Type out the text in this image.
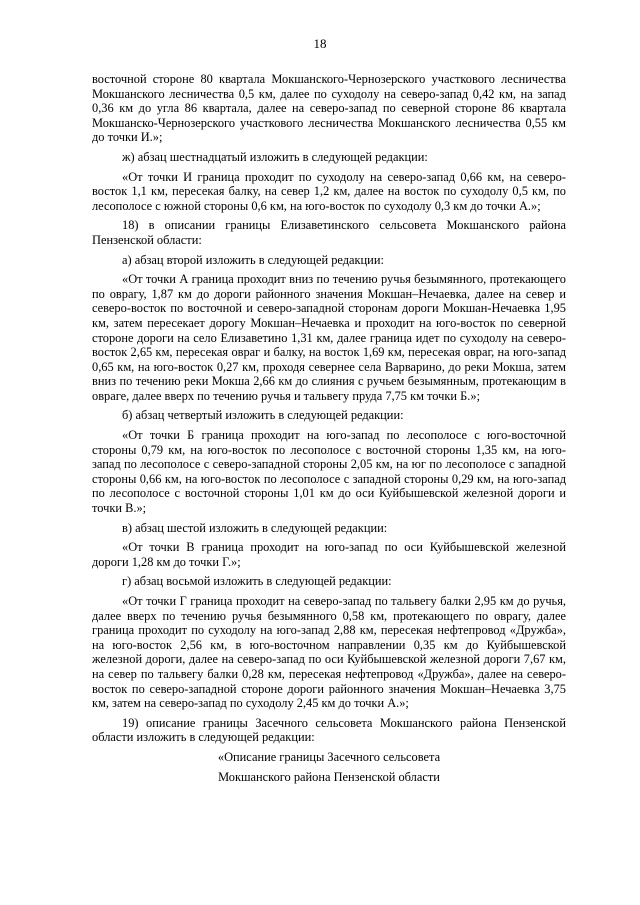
18

восточной стороне 80 квартала Мокшанского-Чернозерского участкового лесничества Мокшанского лесничества 0,5 км, далее по суходолу на северо-запад 0,42 км, на запад 0,36 км до угла 86 квартала, далее на северо-запад по северной стороне 86 квартала Мокшанско-Чернозерского участкового лесничества Мокшанского лесничества 0,55 км до точки И.»;

ж) абзац шестнадцатый изложить в следующей редакции:

«От точки И граница проходит по суходолу на северо-запад 0,66 км, на северо-восток 1,1 км, пересекая балку, на север 1,2 км, далее на восток по суходолу 0,5 км, по лесополосе с южной стороны 0,6 км, на юго-восток по суходолу 0,3 км до точки А.»;

18) в описании границы Елизаветинского сельсовета Мокшанского района Пензенской области:

а) абзац второй изложить в следующей редакции:

«От точки А граница проходит вниз по течению ручья безымянного, протекающего по оврагу, 1,87 км до дороги районного значения Мокшан–Нечаевка, далее на север и северо-восток по восточной и северо-западной сторонам дороги Мокшан-Нечаевка 1,95 км, затем пересекает дорогу Мокшан–Нечаевка и проходит на юго-восток по северной стороне дороги на село Елизаветино 1,31 км, далее граница идет по суходолу на северо-восток 2,65 км, пересекая овраг и балку, на восток 1,69 км, пересекая овраг, на юго-запад 0,65 км, на юго-восток 0,27 км, проходя севернее села Варварино, до реки Мокша, затем вниз по течению реки Мокша 2,66 км до слияния с ручьем безымянным, протекающим в овраге, далее вверх по течению ручья и тальвегу пруда 7,75 км точки Б.»;

б) абзац четвертый изложить в следующей редакции:

«От точки Б граница проходит на юго-запад по лесополосе с юго-восточной стороны 0,79 км, на юго-восток по лесополосе с восточной стороны 1,35 км, на юго-запад по лесополосе с северо-западной стороны 2,05 км, на юг по лесополосе с западной стороны 0,66 км, на юго-восток по лесополосе с западной стороны 0,29 км, на юго-запад по лесополосе с восточной стороны 1,01 км до оси Куйбышевской железной дороги и точки В.»;

в) абзац шестой изложить в следующей редакции:

«От точки В граница проходит на юго-запад по оси Куйбышевской железной дороги 1,28 км до точки Г.»;

г) абзац восьмой изложить в следующей редакции:

«От точки Г граница проходит на северо-запад по тальвегу балки 2,95 км до ручья, далее вверх по течению ручья безымянного 0,58 км, протекающего по оврагу, далее граница проходит по суходолу на юго-запад 2,88 км, пересекая нефтепровод «Дружба», на юго-восток 2,56 км, в юго-восточном направлении 0,35 км до Куйбышевской железной дороги, далее на северо-запад по оси Куйбышевской железной дороги 7,67 км, на север по тальвегу балки 0,28 км, пересекая нефтепровод «Дружба», далее на северо-восток по северо-западной стороне дороги районного значения Мокшан–Нечаевка 3,75 км, затем на северо-запад по суходолу 2,45 км до точки А.»;

19) описание границы Засечного сельсовета Мокшанского района Пензенской области изложить в следующей редакции:

«Описание границы Засечного сельсовета

Мокшанского района Пензенской области
